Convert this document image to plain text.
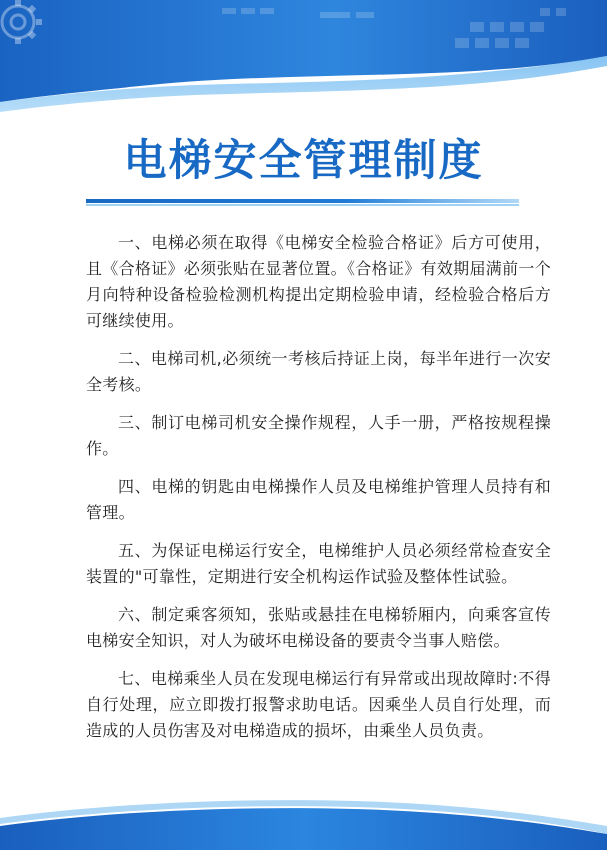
电梯安全管理制度

一、电梯必须在取得《电梯安全检验合格证》后方可使用，且《合格证》必须张贴在显著位置。《合格证》有效期届满前一个月向特种设备检验检测机构提出定期检验申请，经检验合格后方可继续使用。

二、电梯司机,必须统一考核后持证上岗，每半年进行一次安全考核。

三、制订电梯司机安全操作规程，人手一册，严格按规程操作。

四、电梯的钥匙由电梯操作人员及电梯维护管理人员持有和管理。

五、为保证电梯运行安全，电梯维护人员必须经常检查安全装置的"可靠性，定期进行安全机构运作试验及整体性试验。

六、制定乘客须知，张贴或悬挂在电梯轿厢内，向乘客宣传电梯安全知识，对人为破坏电梯设备的要责令当事人赔偿。

七、电梯乘坐人员在发现电梯运行有异常或出现故障时:不得自行处理，应立即拨打报警求助电话。因乘坐人员自行处理，而造成的人员伤害及对电梯造成的损坏，由乘坐人员负责。
